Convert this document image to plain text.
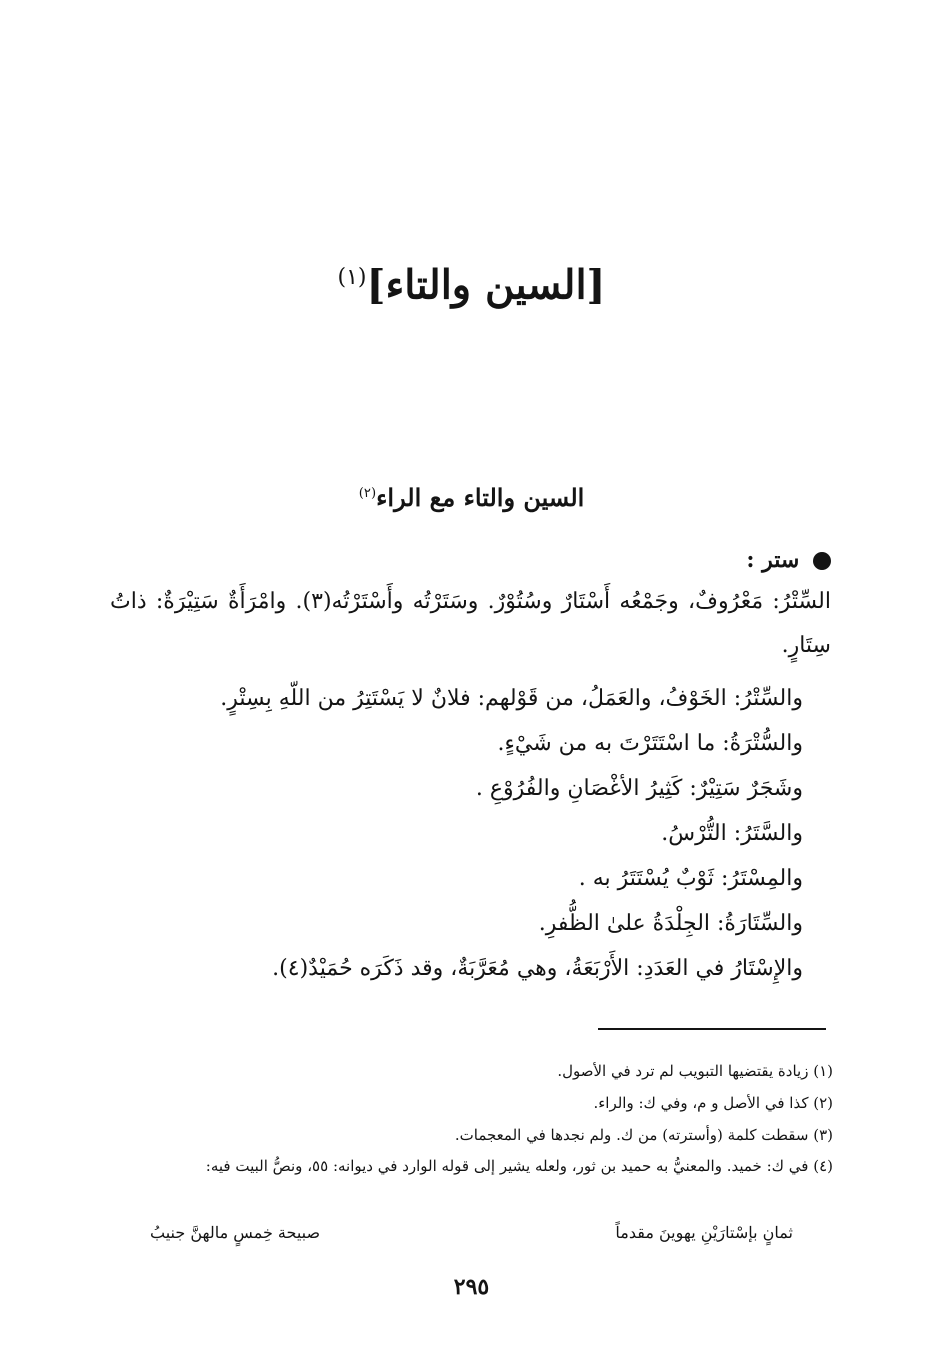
[السين والتاء]$^{(١)}$
السين والتاء مع الراء$^{(٢)}$
ستر :
السِّتْرُ: مَعْرُوفٌ، وجَمْعُه أَسْتَارٌ وسُتُوْرٌ. وسَتَرْتُه وأَسْتَرْتُه(٣). وامْرَأَةٌ سَتِيْرَةٌ: ذاتُ سِتَارٍ.
والسِّتْرُ: الخَوْفُ، والعَمَلُ، من قَوْلهم: فلانٌ لا يَسْتَتِرُ من اللّهِ بِسِتْرٍ.
والسُّتْرَةُ: ما اسْتَتَرْتَ به من شَيْءٍ.
وشَجَرٌ سَتِيْرٌ: كَثِيرُ الأغْصَانِ والفُرُوْعِ .
والسَّتَرُ: التُّرْسُ.
والمِسْتَرُ: ثَوْبٌ يُسْتَتَرُ به .
والسِّتَارَةُ: الجِلْدَةُ علىٰ الظُّفرِ.
والإِسْتَارُ في العَدَدِ: الأَرْبَعَةُ، وهي مُعَرَّبَةٌ، وقد ذَكَرَه حُمَيْدٌ(٤).
(١) زيادة يقتضيها التبويب لم ترد في الأصول.
(٢) كذا في الأصل و م، وفي ك: والراء.
(٣) سقطت كلمة (وأسترته) من ك. ولم نجدها في المعجمات.
(٤) في ك: خميد. والمعنيُّ به حميد بن ثور، ولعله يشير إلى قوله الوارد في ديوانه: ٥٥، ونصُّ البيت فيه:
ثمانٍ بإسْتارَيْنِ يهوينَ مقدماً
صبيحة خِمسٍ مالهنَّ جنيبُ
٢٩٥
